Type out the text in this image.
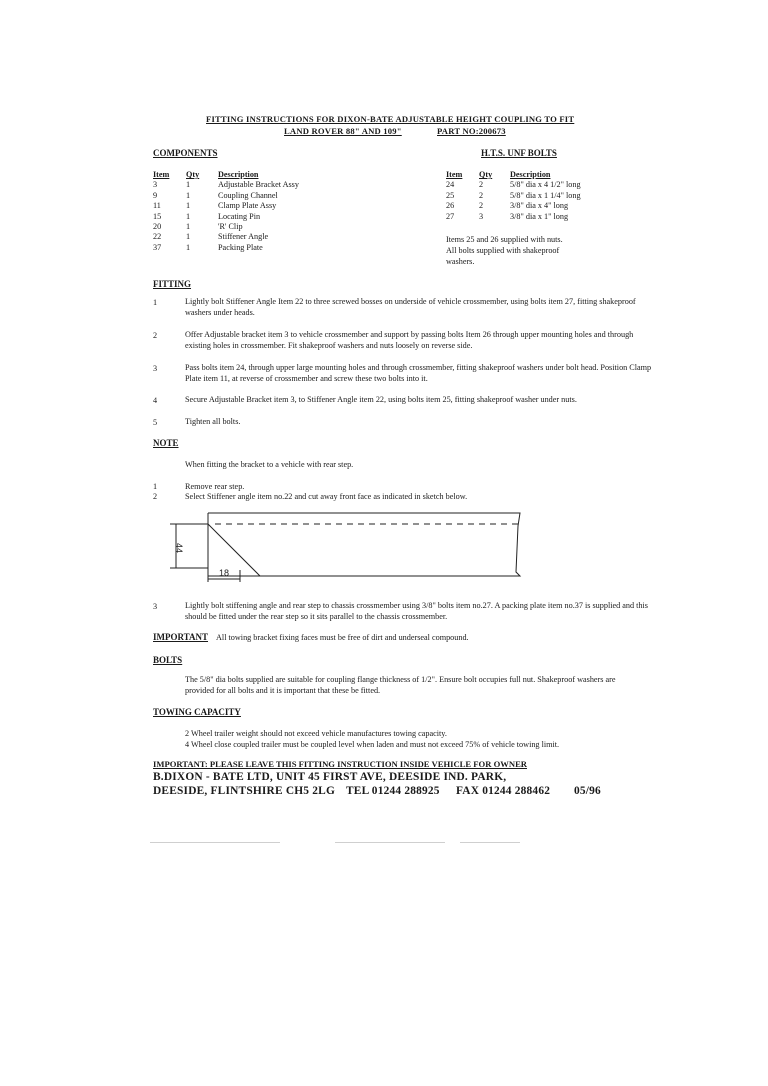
FITTING INSTRUCTIONS FOR DIXON-BATE ADJUSTABLE HEIGHT COUPLING TO FIT
LAND ROVER 88" AND 109"	PART NO:200673
COMPONENTS
Item	Qty	Description
3	1	Adjustable Bracket Assy
9	1	Coupling Channel
11	1	Clamp Plate Assy
15	1	Locating Pin
20	1	'R' Clip
22	1	Stiffener Angle
37	1	Packing Plate
H.T.S. UNF BOLTS
Item	Qty	Description
24	2	5/8" dia x 4 1/2" long
25	2	5/8" dia x 1 1/4" long
26	2	3/8" dia x 4" long
27	3	3/8" dia x 1" long
Items 25 and 26 supplied with nuts.
All bolts supplied with shakeproof
washers.
FITTING
1	Lightly bolt Stiffener Angle Item 22 to three screwed bosses on underside of vehicle crossmember, using bolts item 27, fitting shakeproof washers under heads.
2	Offer Adjustable bracket item 3 to vehicle crossmember and support by passing bolts Item 26 through upper mounting holes and through existing holes in crossmember. Fit shakeproof washers and nuts loosely on reverse side.
3	Pass bolts item 24, through upper large mounting holes and through crossmember, fitting shakeproof washers under bolt head. Position Clamp Plate item 11, at reverse of crossmember and screw these two bolts into it.
4	Secure Adjustable Bracket item 3, to Stiffener Angle item 22, using bolts item 25, fitting shakeproof washer under nuts.
5	Tighten all bolts.
NOTE
When fitting the bracket to a vehicle with rear step.
1	Remove rear step.
2	Select Stiffener angle item no.22 and cut away front face as indicated in sketch below.
44
18
3	Lightly bolt stiffening angle and rear step to chassis crossmember using 3/8" bolts item no.27. A packing plate item no.37 is supplied and this should be fitted under the rear step so it sits parallel to the chassis crossmember.
IMPORTANT All towing bracket fixing faces must be free of dirt and underseal compound.
BOLTS
The 5/8" dia bolts supplied are suitable for coupling flange thickness of 1/2". Ensure bolt occupies full nut. Shakeproof washers are provided for all bolts and it is important that these be fitted.
TOWING CAPACITY
2 Wheel trailer weight should not exceed vehicle manufactures towing capacity.
4 Wheel close coupled trailer must be coupled level when laden and must not exceed 75% of vehicle towing limit.
IMPORTANT: PLEASE LEAVE THIS FITTING INSTRUCTION INSIDE VEHICLE FOR OWNER
B.DIXON - BATE LTD, UNIT 45 FIRST AVE, DEESIDE IND. PARK,
DEESIDE, FLINTSHIRE CH5 2LG TEL 01244 288925 FAX 01244 288462 05/96
